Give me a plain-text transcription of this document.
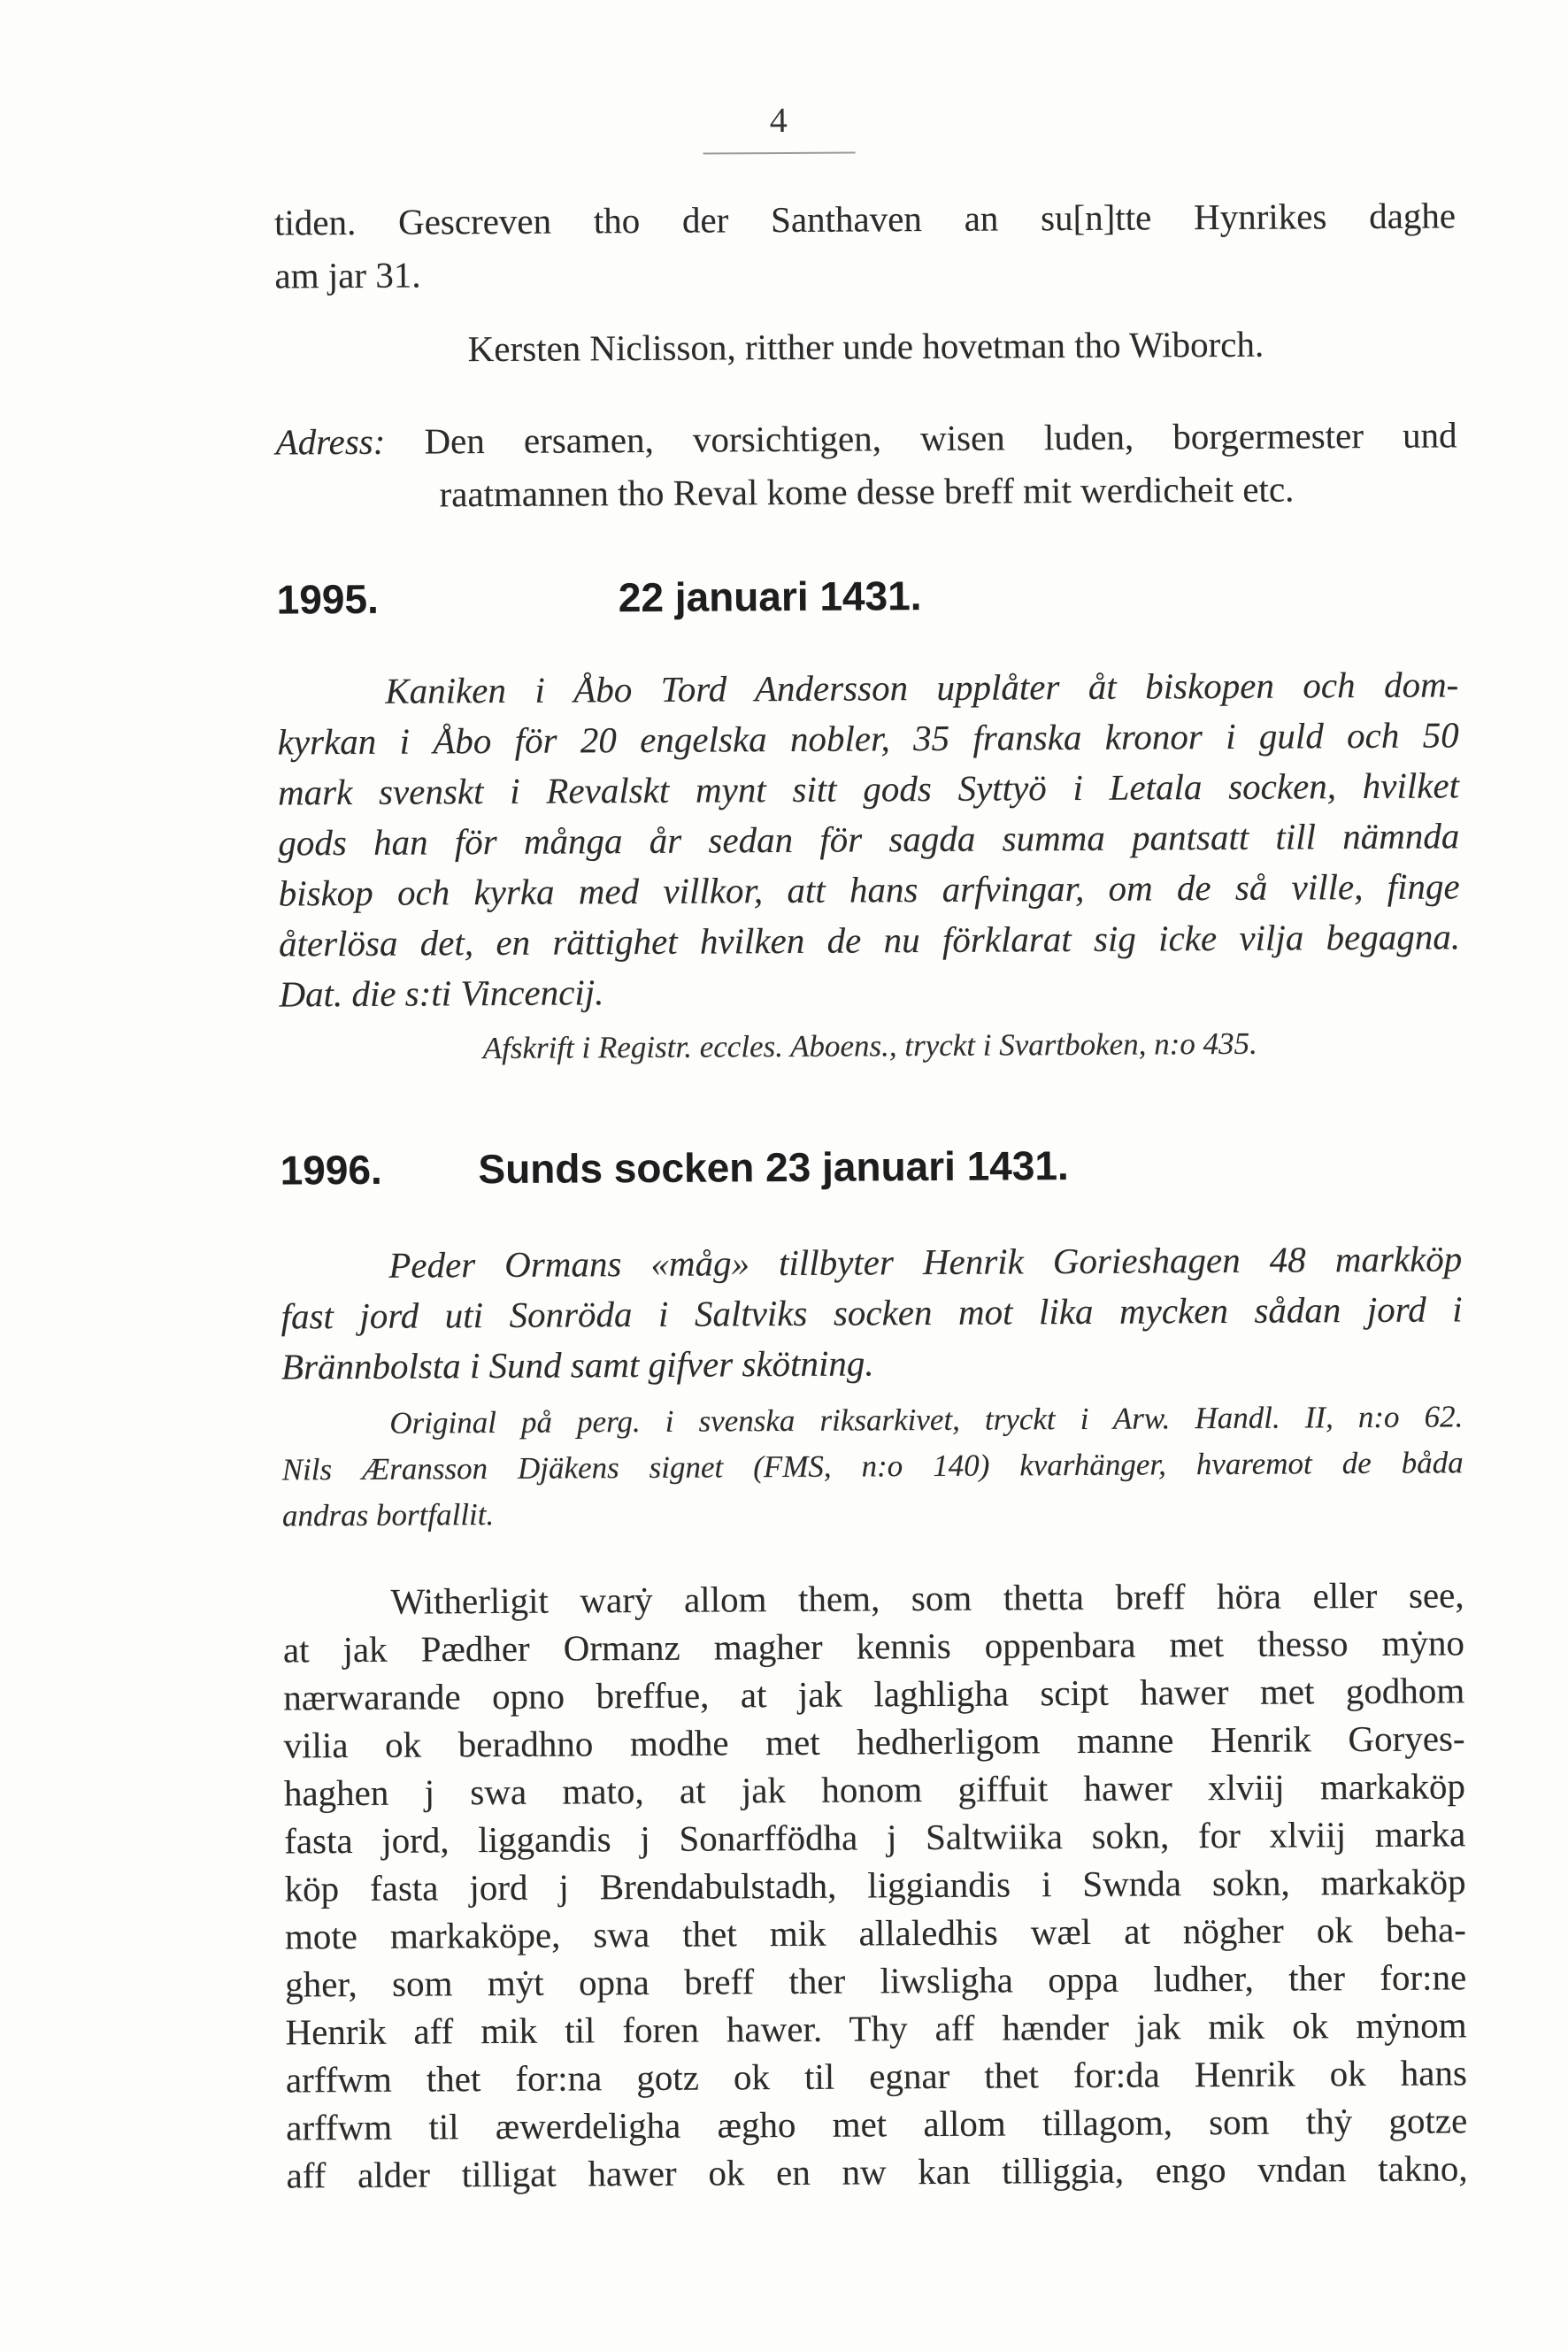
4
tiden. Gescreven tho der Santhaven an su[n]tte Hynrikes daghe
am jar 31.
Kersten Niclisson, ritther unde hovetman tho Wiborch.
Adress: Den ersamen, vorsichtigen, wisen luden, borgermester und
raatmannen tho Reval kome desse breff mit werdicheit etc.
1995.	22 januari 1431.
Kaniken i Åbo Tord Andersson upplåter åt biskopen och dom-
kyrkan i Åbo för 20 engelska nobler, 35 franska kronor i guld och 50
mark svenskt i Revalskt mynt sitt gods Syttyö i Letala socken, hvilket
gods han för många år sedan för sagda summa pantsatt till nämnda
biskop och kyrka med villkor, att hans arfvingar, om de så ville, finge
återlösa det, en rättighet hvilken de nu förklarat sig icke vilja begagna.
Dat. die s:ti Vincencij.
Afskrift i Registr. eccles. Aboens., tryckt i Svartboken, n:o 435.
1996.	Sunds socken 23 januari 1431.
Peder Ormans «måg» tillbyter Henrik Gorieshagen 48 markköp
fast jord uti Sonröda i Saltviks socken mot lika mycken sådan jord i
Brännbolsta i Sund samt gifver skötning.
Original på perg. i svenska riksarkivet, tryckt i Arw. Handl. II, n:o 62.
Nils Æransson Djäkens signet (FMS, n:o 140) kvarhänger, hvaremot de båda
andras bortfallit.
Witherligit warẏ allom them, som thetta breff höra eller see,
at jak Pædher Ormanz magher kennis oppenbara met thesso mẏno
nærwarande opno breffue, at jak laghligha scipt hawer met godhom
vilia ok beradhno modhe met hedherligom manne Henrik Goryes-
haghen j swa mato, at jak honom giffuit hawer xlviij markaköp
fasta jord, liggandis j Sonarffödha j Saltwiika sokn, for xlviij marka
köp fasta jord j Brendabulstadh, liggiandis i Swnda sokn, markaköp
mote markaköpe, swa thet mik allaledhis wæl at nögher ok beha-
gher, som mẏt opna breff ther liwsligha oppa ludher, ther for:ne
Henrik aff mik til foren hawer. Thy aff hænder jak mik ok mẏnom
arffwm thet for:na gotz ok til egnar thet for:da Henrik ok hans
arffwm til æwerdeligha ægho met allom tillagom, som thẏ gotze
aff alder tilligat hawer ok en nw kan tilliggia, engo vndan takno,
